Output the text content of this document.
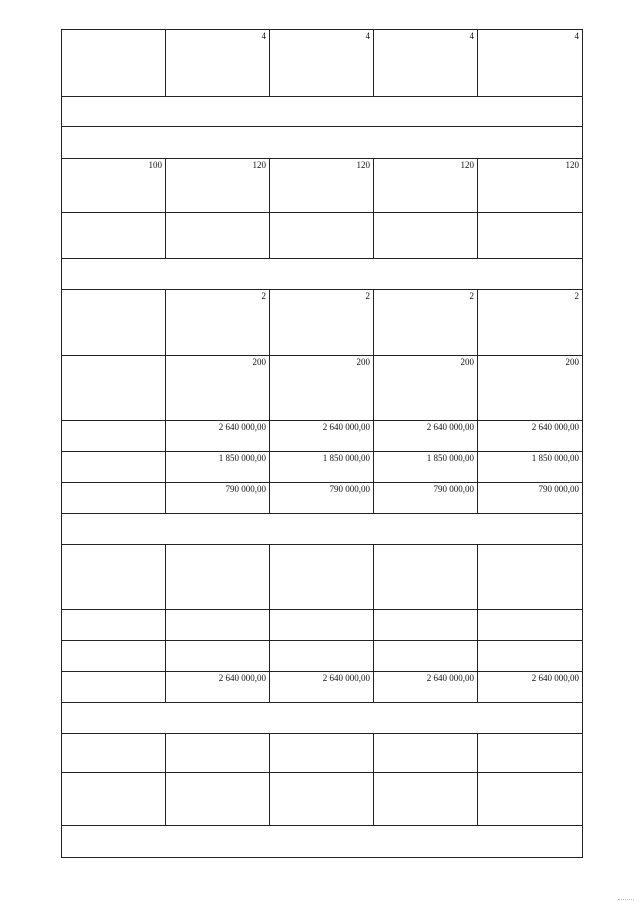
	4	4	4	4

100	120	120	120	120

	2	2	2	2
	200	200	200	200
	2 640 000,00	2 640 000,00	2 640 000,00	2 640 000,00
	1 850 000,00	1 850 000,00	1 850 000,00	1 850 000,00
	790 000,00	790 000,00	790 000,00	790 000,00

	2 640 000,00	2 640 000,00	2 640 000,00	2 640 000,00
